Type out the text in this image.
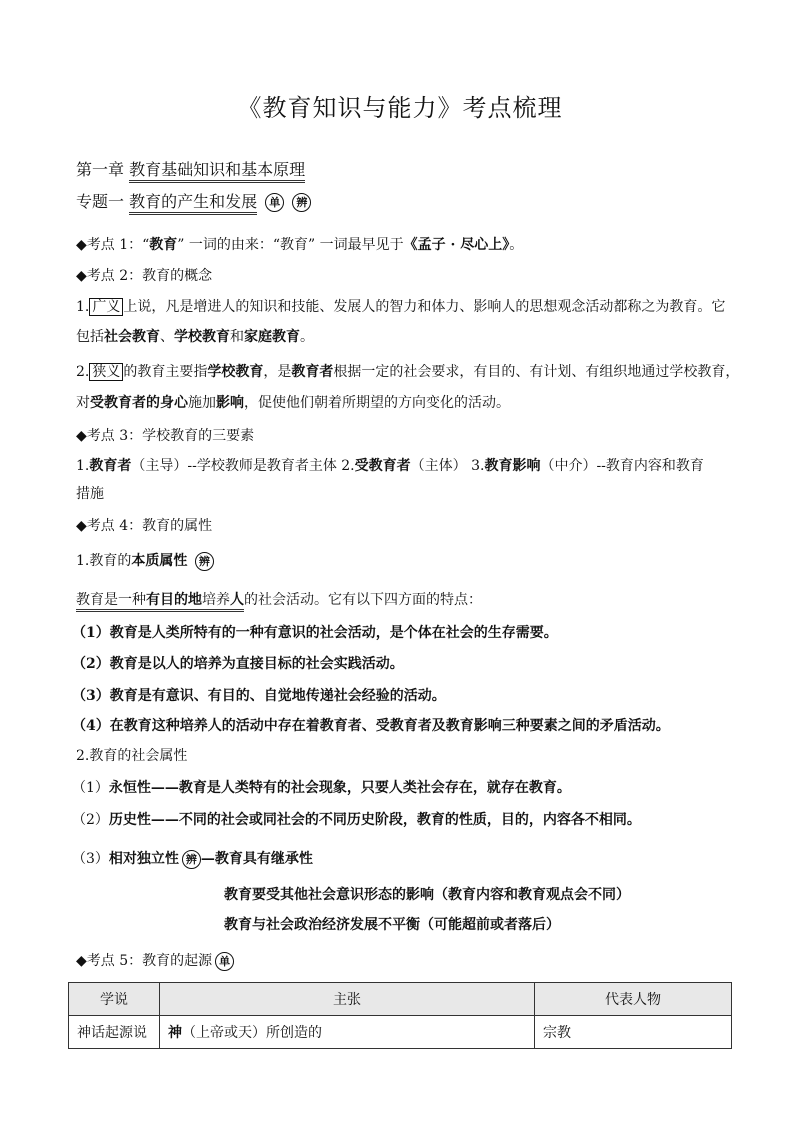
《教育知识与能力》考点梳理
第一章 教育基础知识和基本原理
专题一 教育的产生和发展 单 辨
◆考点 1：“教育” 一词的由来：“教育” 一词最早见于《孟子 · 尽心上》。
◆考点 2：教育的概念
1. 广义 上说，凡是增进人的知识和技能、发展人的智力和体力、影响人的思想观念活动都称之为教育。它
包括社会教育、学校教育和家庭教育。
2. 狭义 的教育主要指学校教育，是教育者根据一定的社会要求，有目的、有计划、有组织地通过学校教育，
对受教育者的身心施加影响，促使他们朝着所期望的方向变化的活动。
◆考点 3：学校教育的三要素
1.教育者（主导）--学校教师是教育者主体 2.受教育者（主体） 3.教育影响（中介）--教育内容和教育
措施
◆考点 4：教育的属性
1.教育的本质属性 辨
教育是一种有目的地培养人的社会活动。它有以下四方面的特点：
（1）教育是人类所特有的一种有意识的社会活动，是个体在社会的生存需要。
（2）教育是以人的培养为直接目标的社会实践活动。
（3）教育是有意识、有目的、自觉地传递社会经验的活动。
（4）在教育这种培养人的活动中存在着教育者、受教育者及教育影响三种要素之间的矛盾活动。
2.教育的社会属性
（1）永恒性——教育是人类特有的社会现象，只要人类社会存在，就存在教育。
（2）历史性——不同的社会或同社会的不同历史阶段，教育的性质，目的，内容各不相同。
（3）相对独立性 辨 —教育具有继承性
教育要受其他社会意识形态的影响（教育内容和教育观点会不同）
教育与社会政治经济发展不平衡（可能超前或者落后）
◆考点 5：教育的起源 单
学说	主张	代表人物
神话起源说	神（上帝或天）所创造的	宗教
